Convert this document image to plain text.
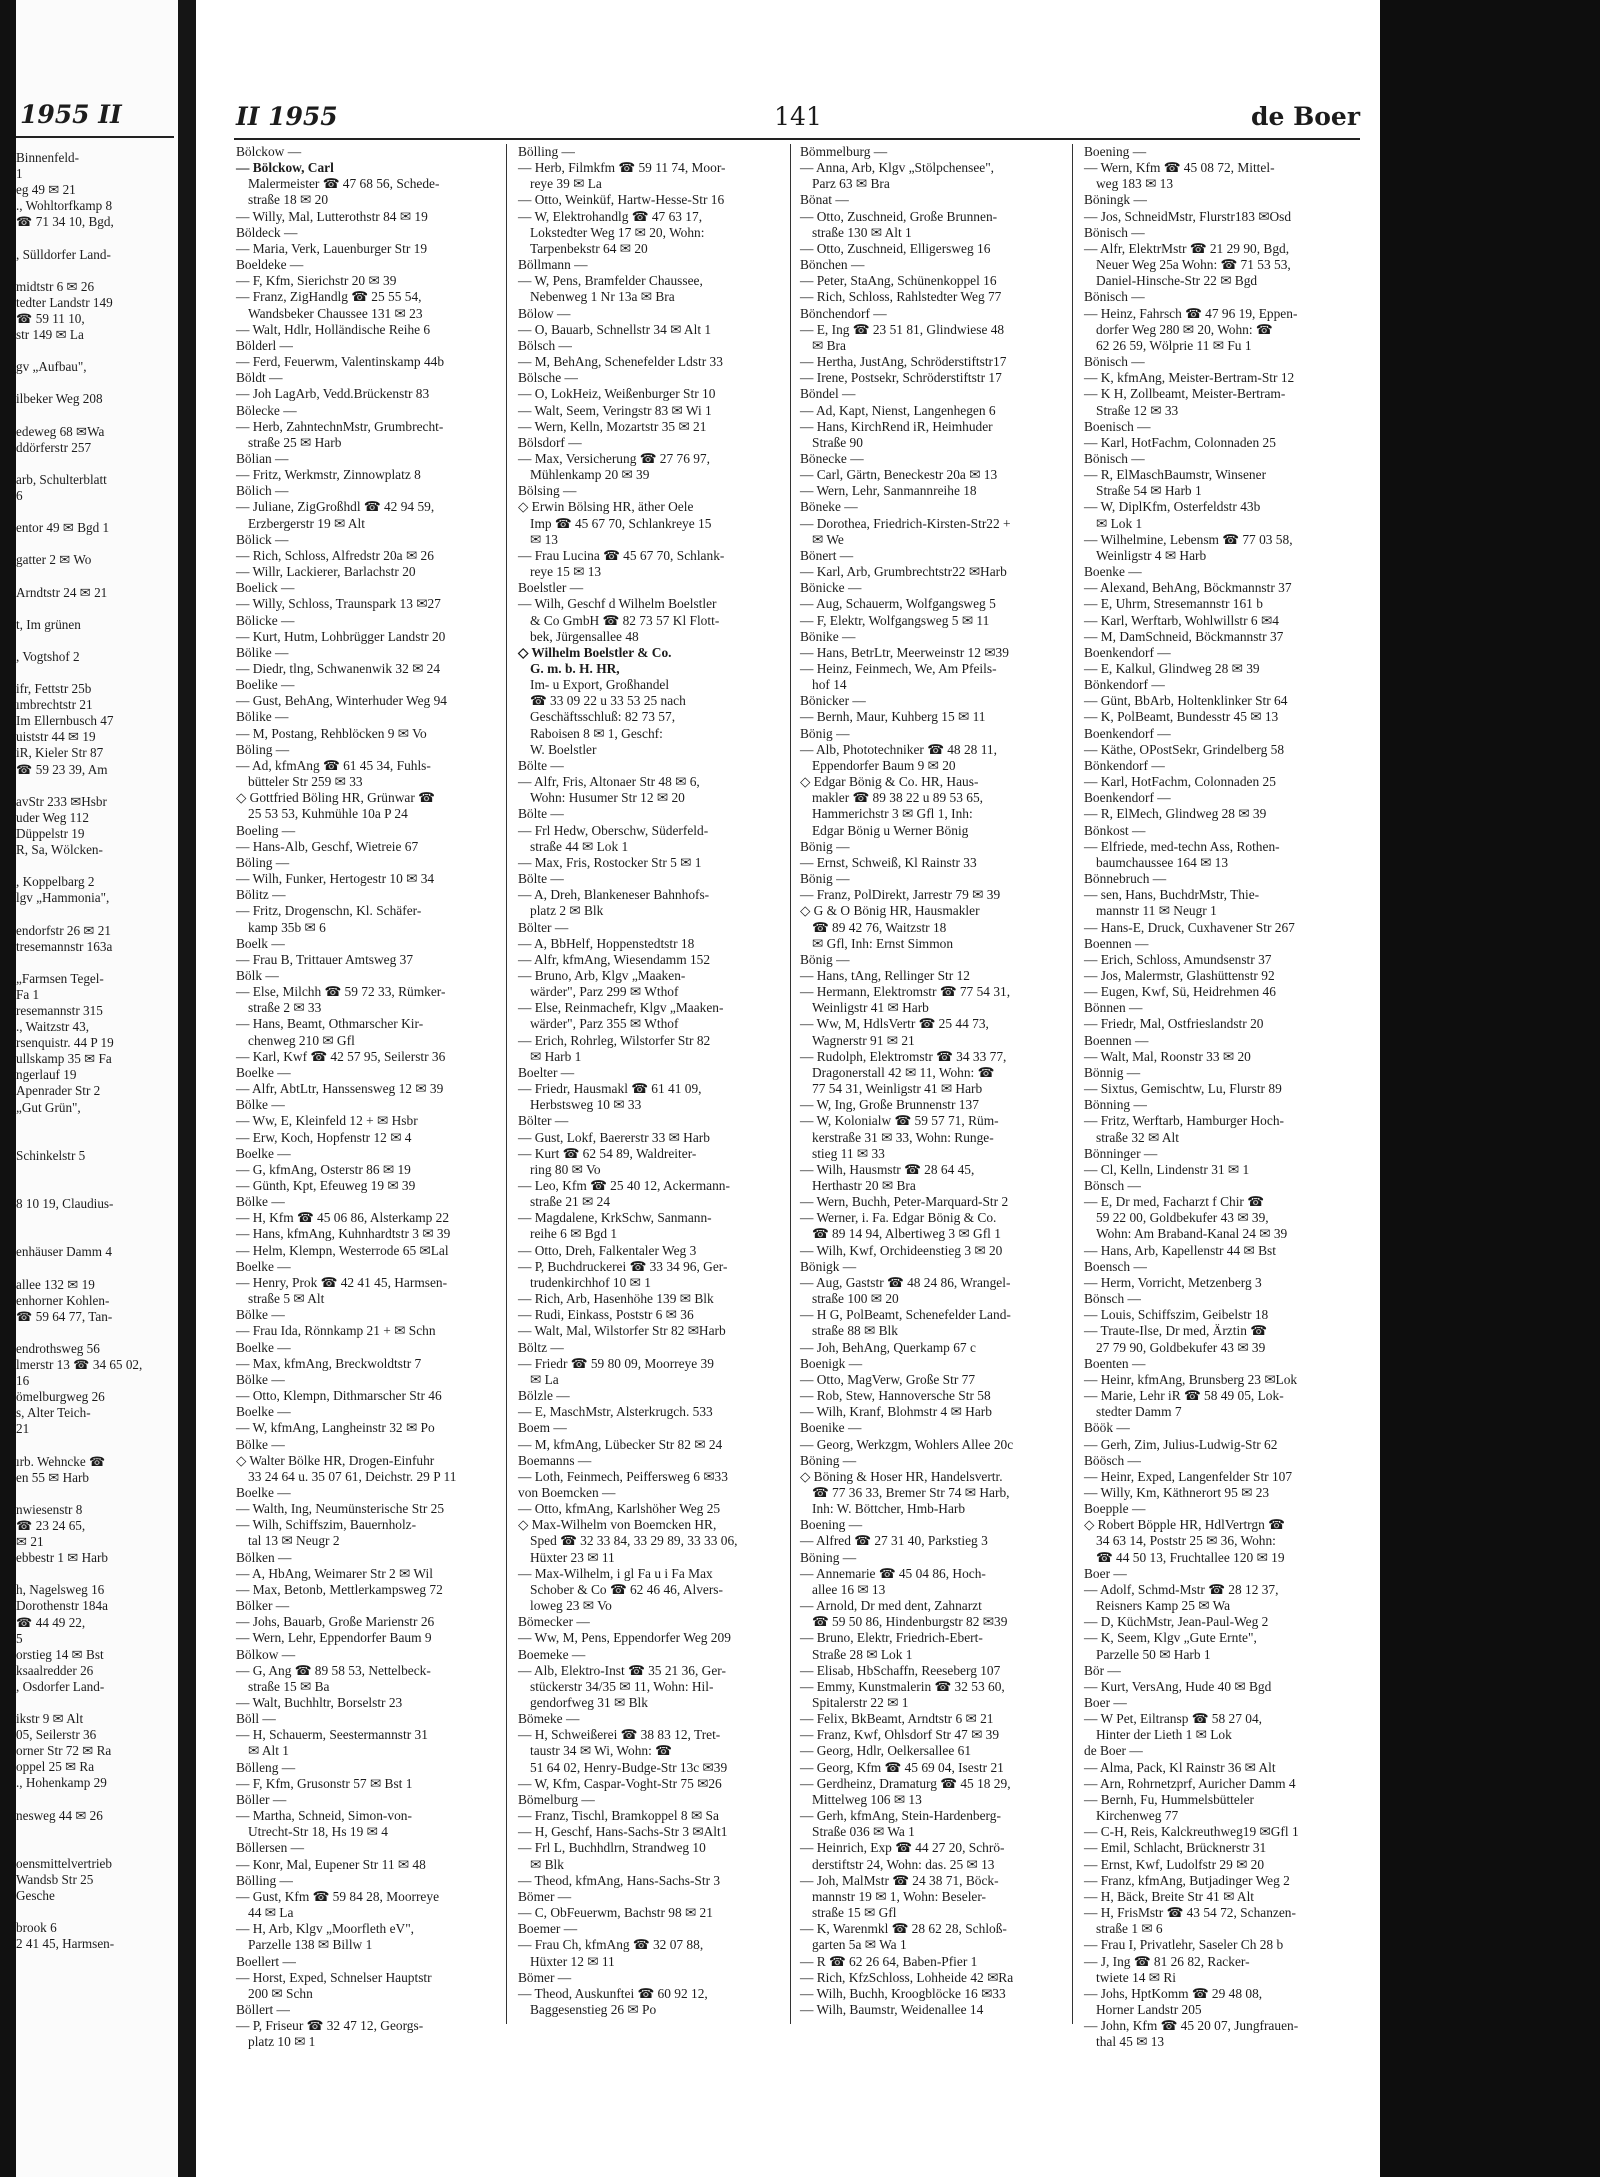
1955 II
Binnenfeld-
1
eg 49 ✉ 21
., Wohltorfkamp 8
☎ 71 34 10, Bgd,

, Sülldorfer Land-

midtstr 6 ✉ 26
tedter Landstr 149
☎ 59 11 10,
str 149 ✉ La

gv „Aufbau",

ilbeker Weg 208

edeweg 68 ✉Wa
ddörferstr 257

arb, Schulterblatt
6

entor 49 ✉ Bgd 1

gatter 2 ✉ Wo

Arndtstr 24 ✉ 21

t, Im grünen

, Vogtshof 2

ifr, Fettstr 25b
ımbrechtstr 21
Im Ellernbusch 47
uiststr 44 ✉ 19
iR, Kieler Str 87
☎ 59 23 39, Am

avStr 233 ✉Hsbr
uder Weg 112
Düppelstr 19
R, Sa, Wölcken-

, Koppelbarg 2
lgv „Hammonia",

endorfstr 26 ✉ 21
tresemannstr 163a

„Farmsen Tegel-
Fa 1
resemannstr 315
., Waitzstr 43,
rsenquistr. 44 P 19
ullskamp 35 ✉ Fa
ngerlauf 19
Apenrader Str 2
„Gut Grün",

Schinkelstr 5

8 10 19, Claudius-

enhäuser Damm 4

allee 132 ✉ 19
enhorner Kohlen-
☎ 59 64 77, Tan-

endrothsweg 56
lmerstr 13 ☎ 34 65 02,
16
ömelburgweg 26
s, Alter Teich-
21

ırb. Wehncke ☎
en 55 ✉ Harb

nwiesenstr 8
☎ 23 24 65,
✉ 21
ebbestr 1 ✉ Harb

h, Nagelsweg 16
Dorothenstr 184a
☎ 44 49 22,
5
orstieg 14 ✉ Bst
ksaalredder 26
, Osdorfer Land-

ikstr 9 ✉ Alt
05, Seilerstr 36
orner Str 72 ✉ Ra
oppel 25 ✉ Ra
., Hohenkamp 29

nesweg 44 ✉ 26

oensmittelvertrieb
Wandsb Str 25
Gesche

brook 6
2 41 45, Harmsen-
II 1955	141	de Boer
Bölckow —
— Bölckow, Carl
Malermeister ☎ 47 68 56, Schede-
straße 18 ✉ 20
— Willy, Mal, Lutterothstr 84 ✉ 19
Böldeck —
— Maria, Verk, Lauenburger Str 19
Boeldeke —
— F, Kfm, Sierichstr 20 ✉ 39
— Franz, ZigHandlg ☎ 25 55 54,
Wandsbeker Chaussee 131 ✉ 23
— Walt, Hdlr, Holländische Reihe 6
Bölderl —
— Ferd, Feuerwm, Valentinskamp 44b
Böldt —
— Joh LagArb, Vedd.Brückenstr 83
Bölecke —
— Herb, ZahntechnMstr, Grumbrecht-
straße 25 ✉ Harb
Bölian —
— Fritz, Werkmstr, Zinnowplatz 8
Bölich —
— Juliane, ZigGroßhdl ☎ 42 94 59,
Erzbergerstr 19 ✉ Alt
Bölick —
— Rich, Schloss, Alfredstr 20a ✉ 26
— Willr, Lackierer, Barlachstr 20
Boelick —
— Willy, Schloss, Traunspark 13 ✉27
Bölicke —
— Kurt, Hutm, Lohbrügger Landstr 20
Bölike —
— Diedr, tlng, Schwanenwik 32 ✉ 24
Boelike —
— Gust, BehAng, Winterhuder Weg 94
Bölike —
— M, Postang, Rehblöcken 9 ✉ Vo
Böling —
— Ad, kfmAng ☎ 61 45 34, Fuhls-
bütteler Str 259 ✉ 33
◇ Gottfried Böling HR, Grünwar ☎
25 53 53, Kuhmühle 10a P 24
Boeling —
— Hans-Alb, Geschf, Wietreie 67
Böling —
— Wilh, Funker, Hertogestr 10 ✉ 34
Bölitz —
— Fritz, Drogenschn, Kl. Schäfer-
kamp 35b ✉ 6
Boelk —
— Frau B, Trittauer Amtsweg 37
Bölk —
— Else, Milchh ☎ 59 72 33, Rümker-
straße 2 ✉ 33
— Hans, Beamt, Othmarscher Kir-
chenweg 210 ✉ Gfl
— Karl, Kwf ☎ 42 57 95, Seilerstr 36
Boelke —
— Alfr, AbtLtr, Hanssensweg 12 ✉ 39
Bölke —
— Ww, E, Kleinfeld 12 + ✉ Hsbr
— Erw, Koch, Hopfenstr 12 ✉ 4
Boelke —
— G, kfmAng, Osterstr 86 ✉ 19
— Günth, Kpt, Efeuweg 19 ✉ 39
Bölke —
— H, Kfm ☎ 45 06 86, Alsterkamp 22
— Hans, kfmAng, Kuhnhardtstr 3 ✉ 39
— Helm, Klempn, Westerrode 65 ✉Lal
Boelke —
— Henry, Prok ☎ 42 41 45, Harmsen-
straße 5 ✉ Alt
Bölke —
— Frau Ida, Rönnkamp 21 + ✉ Schn
Boelke —
— Max, kfmAng, Breckwoldtstr 7
Bölke —
— Otto, Klempn, Dithmarscher Str 46
Boelke —
— W, kfmAng, Langheinstr 32 ✉ Po
Bölke —
◇ Walter Bölke HR, Drogen-Einfuhr
33 24 64 u. 35 07 61, Deichstr. 29 P 11
Boelke —
— Walth, Ing, Neumünsterische Str 25
— Wilh, Schiffszim, Bauernholz-
tal 13 ✉ Neugr 2
Bölken —
— A, HbAng, Weimarer Str 2 ✉ Wil
— Max, Betonb, Mettlerkampsweg 72
Bölker —
— Johs, Bauarb, Große Marienstr 26
— Wern, Lehr, Eppendorfer Baum 9
Bölkow —
— G, Ang ☎ 89 58 53, Nettelbeck-
straße 15 ✉ Ba
— Walt, Buchhltr, Borselstr 23
Böll —
— H, Schauerm, Seestermannstr 31
✉ Alt 1
Bölleng —
— F, Kfm, Grusonstr 57 ✉ Bst 1
Böller —
— Martha, Schneid, Simon-von-
Utrecht-Str 18, Hs 19 ✉ 4
Böllersen —
— Konr, Mal, Eupener Str 11 ✉ 48
Bölling —
— Gust, Kfm ☎ 59 84 28, Moorreye
44 ✉ La
— H, Arb, Klgv „Moorfleth eV",
Parzelle 138 ✉ Billw 1
Boellert —
— Horst, Exped, Schnelser Hauptstr
200 ✉ Schn
Böllert —
— P, Friseur ☎ 32 47 12, Georgs-
platz 10 ✉ 1
Bölling —
— Herb, Filmkfm ☎ 59 11 74, Moor-
reye 39 ✉ La
— Otto, Weinküf, Hartw-Hesse-Str 16
— W, Elektrohandlg ☎ 47 63 17,
Lokstedter Weg 17 ✉ 20, Wohn:
Tarpenbekstr 64 ✉ 20
Böllmann —
— W, Pens, Bramfelder Chaussee,
Nebenweg 1 Nr 13a ✉ Bra
Bölow —
— O, Bauarb, Schnellstr 34 ✉ Alt 1
Bölsch —
— M, BehAng, Schenefelder Ldstr 33
Bölsche —
— O, LokHeiz, Weißenburger Str 10
— Walt, Seem, Veringstr 83 ✉ Wi 1
— Wern, Kelln, Mozartstr 35 ✉ 21
Bölsdorf —
— Max, Versicherung ☎ 27 76 97,
Mühlenkamp 20 ✉ 39
Bölsing —
◇ Erwin Bölsing HR, äther Oele
Imp ☎ 45 67 70, Schlankreye 15
✉ 13
— Frau Lucina ☎ 45 67 70, Schlank-
reye 15 ✉ 13
Boelstler —
— Wilh, Geschf d Wilhelm Boelstler
& Co GmbH ☎ 82 73 57 Kl Flott-
bek, Jürgensallee 48
◇ Wilhelm Boelstler & Co.
G. m. b. H. HR,
Im- u Export, Großhandel
☎ 33 09 22 u 33 53 25 nach
Geschäftsschluß: 82 73 57,
Raboisen 8 ✉ 1, Geschf:
W. Boelstler
Bölte —
— Alfr, Fris, Altonaer Str 48 ✉ 6,
Wohn: Husumer Str 12 ✉ 20
Bölte —
— Frl Hedw, Oberschw, Süderfeld-
straße 44 ✉ Lok 1
— Max, Fris, Rostocker Str 5 ✉ 1
Bölte —
— A, Dreh, Blankeneser Bahnhofs-
platz 2 ✉ Blk
Bölter —
— A, BbHelf, Hoppenstedtstr 18
— Alfr, kfmAng, Wiesendamm 152
— Bruno, Arb, Klgv „Maaken-
wärder", Parz 299 ✉ Wthof
— Else, Reinmachefr, Klgv „Maaken-
wärder", Parz 355 ✉ Wthof
— Erich, Rohrleg, Wilstorfer Str 82
✉ Harb 1
Boelter —
— Friedr, Hausmakl ☎ 61 41 09,
Herbstsweg 10 ✉ 33
Bölter —
— Gust, Lokf, Baererstr 33 ✉ Harb
— Kurt ☎ 62 54 89, Waldreiter-
ring 80 ✉ Vo
— Leo, Kfm ☎ 25 40 12, Ackermann-
straße 21 ✉ 24
— Magdalene, KrkSchw, Sanmann-
reihe 6 ✉ Bgd 1
— Otto, Dreh, Falkentaler Weg 3
— P, Buchdruckerei ☎ 33 34 96, Ger-
trudenkirchhof 10 ✉ 1
— Rich, Arb, Hasenhöhe 139 ✉ Blk
— Rudi, Einkass, Poststr 6 ✉ 36
— Walt, Mal, Wilstorfer Str 82 ✉Harb
Böltz —
— Friedr ☎ 59 80 09, Moorreye 39
✉ La
Bölzle —
— E, MaschMstr, Alsterkrugch. 533
Boem —
— M, kfmAng, Lübecker Str 82 ✉ 24
Boemanns —
— Loth, Feinmech, Peiffersweg 6 ✉33
von Boemcken —
— Otto, kfmAng, Karlshöher Weg 25
◇ Max-Wilhelm von Boemcken HR,
Sped ☎ 32 33 84, 33 29 89, 33 33 06,
Hüxter 23 ✉ 11
— Max-Wilhelm, i gl Fa u i Fa Max
Schober & Co ☎ 62 46 46, Alvers-
loweg 23 ✉ Vo
Bömecker —
— Ww, M, Pens, Eppendorfer Weg 209
Boemeke —
— Alb, Elektro-Inst ☎ 35 21 36, Ger-
stückerstr 34/35 ✉ 11, Wohn: Hil-
gendorfweg 31 ✉ Blk
Bömeke —
— H, Schweißerei ☎ 38 83 12, Tret-
taustr 34 ✉ Wi, Wohn: ☎
51 64 02, Henry-Budge-Str 13c ✉39
— W, Kfm, Caspar-Voght-Str 75 ✉26
Bömelburg —
— Franz, Tischl, Bramkoppel 8 ✉ Sa
— H, Geschf, Hans-Sachs-Str 3 ✉Alt1
— Frl L, Buchhdlrn, Strandweg 10
✉ Blk
— Theod, kfmAng, Hans-Sachs-Str 3
Bömer —
— C, ObFeuerwm, Bachstr 98 ✉ 21
Boemer —
— Frau Ch, kfmAng ☎ 32 07 88,
Hüxter 12 ✉ 11
Bömer —
— Theod, Auskunftei ☎ 60 92 12,
Baggesenstieg 26 ✉ Po
Bömmelburg —
— Anna, Arb, Klgv „Stölpchensee",
Parz 63 ✉ Bra
Bönat —
— Otto, Zuschneid, Große Brunnen-
straße 130 ✉ Alt 1
— Otto, Zuschneid, Elligersweg 16
Bönchen —
— Peter, StaAng, Schünenkoppel 16
— Rich, Schloss, Rahlstedter Weg 77
Bönchendorf —
— E, Ing ☎ 23 51 81, Glindwiese 48
✉ Bra
— Hertha, JustAng, Schröderstiftstr17
— Irene, Postsekr, Schröderstiftstr 17
Böndel —
— Ad, Kapt, Nienst, Langenhegen 6
— Hans, KirchRend iR, Heimhuder
Straße 90
Bönecke —
— Carl, Gärtn, Beneckestr 20a ✉ 13
— Wern, Lehr, Sanmannreihe 18
Böneke —
— Dorothea, Friedrich-Kirsten-Str22 +
✉ We
Bönert —
— Karl, Arb, Grumbrechtstr22 ✉Harb
Bönicke —
— Aug, Schauerm, Wolfgangsweg 5
— F, Elektr, Wolfgangsweg 5 ✉ 11
Bönike —
— Hans, BetrLtr, Meerweinstr 12 ✉39
— Heinz, Feinmech, We, Am Pfeils-
hof 14
Bönicker —
— Bernh, Maur, Kuhberg 15 ✉ 11
Bönig —
— Alb, Phototechniker ☎ 48 28 11,
Eppendorfer Baum 9 ✉ 20
◇ Edgar Bönig & Co. HR, Haus-
makler ☎ 89 38 22 u 89 53 65,
Hammerichstr 3 ✉ Gfl 1, Inh:
Edgar Bönig u Werner Bönig
Bönig —
— Ernst, Schweiß, Kl Rainstr 33
Bönig —
— Franz, PolDirekt, Jarrestr 79 ✉ 39
◇ G & O Bönig HR, Hausmakler
☎ 89 42 76, Waitzstr 18
✉ Gfl, Inh: Ernst Simmon
Bönig —
— Hans, tAng, Rellinger Str 12
— Hermann, Elektromstr ☎ 77 54 31,
Weinligstr 41 ✉ Harb
— Ww, M, HdlsVertr ☎ 25 44 73,
Wagnerstr 91 ✉ 21
— Rudolph, Elektromstr ☎ 34 33 77,
Dragonerstall 42 ✉ 11, Wohn: ☎
77 54 31, Weinligstr 41 ✉ Harb
— W, Ing, Große Brunnenstr 137
— W, Kolonialw ☎ 59 57 71, Rüm-
kerstraße 31 ✉ 33, Wohn: Runge-
stieg 11 ✉ 33
— Wilh, Hausmstr ☎ 28 64 45,
Herthastr 20 ✉ Bra
— Wern, Buchh, Peter-Marquard-Str 2
— Werner, i. Fa. Edgar Bönig & Co.
☎ 89 14 94, Albertiweg 3 ✉ Gfl 1
— Wilh, Kwf, Orchideenstieg 3 ✉ 20
Bönigk —
— Aug, Gaststr ☎ 48 24 86, Wrangel-
straße 100 ✉ 20
— H G, PolBeamt, Schenefelder Land-
straße 88 ✉ Blk
— Joh, BehAng, Querkamp 67 c
Boenigk —
— Otto, MagVerw, Große Str 77
— Rob, Stew, Hannoversche Str 58
— Wilh, Kranf, Blohmstr 4 ✉ Harb
Boenike —
— Georg, Werkzgm, Wohlers Allee 20c
Böning —
◇ Böning & Hoser HR, Handelsvertr.
☎ 77 36 33, Bremer Str 74 ✉ Harb,
Inh: W. Böttcher, Hmb-Harb
Boening —
— Alfred ☎ 27 31 40, Parkstieg 3
Böning —
— Annemarie ☎ 45 04 86, Hoch-
allee 16 ✉ 13
— Arnold, Dr med dent, Zahnarzt
☎ 59 50 86, Hindenburgstr 82 ✉39
— Bruno, Elektr, Friedrich-Ebert-
Straße 28 ✉ Lok 1
— Elisab, HbSchaffn, Reeseberg 107
— Emmy, Kunstmalerin ☎ 32 53 60,
Spitalerstr 22 ✉ 1
— Felix, BkBeamt, Arndtstr 6 ✉ 21
— Franz, Kwf, Ohlsdorf Str 47 ✉ 39
— Georg, Hdlr, Oelkersallee 61
— Georg, Kfm ☎ 45 69 04, Isestr 21
— Gerdheinz, Dramaturg ☎ 45 18 29,
Mittelweg 106 ✉ 13
— Gerh, kfmAng, Stein-Hardenberg-
Straße 036 ✉ Wa 1
— Heinrich, Exp ☎ 44 27 20, Schrö-
derstiftstr 24, Wohn: das. 25 ✉ 13
— Joh, MalMstr ☎ 24 38 71, Böck-
mannstr 19 ✉ 1, Wohn: Beseler-
straße 15 ✉ Gfl
— K, Warenmkl ☎ 28 62 28, Schloß-
garten 5a ✉ Wa 1
— R ☎ 62 26 64, Baben-Pfier 1
— Rich, KfzSchloss, Lohheide 42 ✉Ra
— Wilh, Buchh, Kroogblöcke 16 ✉33
— Wilh, Baumstr, Weidenallee 14
Boening —
— Wern, Kfm ☎ 45 08 72, Mittel-
weg 183 ✉ 13
Böningk —
— Jos, SchneidMstr, Flurstr183 ✉Osd
Bönisch —
— Alfr, ElektrMstr ☎ 21 29 90, Bgd,
Neuer Weg 25a Wohn: ☎ 71 53 53,
Daniel-Hinsche-Str 22 ✉ Bgd
Bönisch —
— Heinz, Fahrsch ☎ 47 96 19, Eppen-
dorfer Weg 280 ✉ 20, Wohn: ☎
62 26 59, Wölprie 11 ✉ Fu 1
Bönisch —
— K, kfmAng, Meister-Bertram-Str 12
— K H, Zollbeamt, Meister-Bertram-
Straße 12 ✉ 33
Boenisch —
— Karl, HotFachm, Colonnaden 25
Bönisch —
— R, ElMaschBaumstr, Winsener
Straße 54 ✉ Harb 1
— W, DiplKfm, Osterfeldstr 43b
✉ Lok 1
— Wilhelmine, Lebensm ☎ 77 03 58,
Weinligstr 4 ✉ Harb
Boenke —
— Alexand, BehAng, Böckmannstr 37
— E, Uhrm, Stresemannstr 161 b
— Karl, Werftarb, Wohlwillstr 6 ✉4
— M, DamSchneid, Böckmannstr 37
Boenkendorf —
— E, Kalkul, Glindweg 28 ✉ 39
Bönkendorf —
— Günt, BbArb, Holtenklinker Str 64
— K, PolBeamt, Bundesstr 45 ✉ 13
Boenkendorf —
— Käthe, OPostSekr, Grindelberg 58
Bönkendorf —
— Karl, HotFachm, Colonnaden 25
Boenkendorf —
— R, ElMech, Glindweg 28 ✉ 39
Bönkost —
— Elfriede, med-techn Ass, Rothen-
baumchaussee 164 ✉ 13
Bönnebruch —
— sen, Hans, BuchdrMstr, Thie-
mannstr 11 ✉ Neugr 1
— Hans-E, Druck, Cuxhavener Str 267
Boennen —
— Erich, Schloss, Amundsenstr 37
— Jos, Malermstr, Glashüttenstr 92
— Eugen, Kwf, Sü, Heidrehmen 46
Bönnen —
— Friedr, Mal, Ostfrieslandstr 20
Boennen —
— Walt, Mal, Roonstr 33 ✉ 20
Bönnig —
— Sixtus, Gemischtw, Lu, Flurstr 89
Bönning —
— Fritz, Werftarb, Hamburger Hoch-
straße 32 ✉ Alt
Bönninger —
— Cl, Kelln, Lindenstr 31 ✉ 1
Bönsch —
— E, Dr med, Facharzt f Chir ☎
59 22 00, Goldbekufer 43 ✉ 39,
Wohn: Am Braband-Kanal 24 ✉ 39
— Hans, Arb, Kapellenstr 44 ✉ Bst
Boensch —
— Herm, Vorricht, Metzenberg 3
Bönsch —
— Louis, Schiffszim, Geibelstr 18
— Traute-Ilse, Dr med, Ärztin ☎
27 79 90, Goldbekufer 43 ✉ 39
Boenten —
— Heinr, kfmAng, Brunsberg 23 ✉Lok
— Marie, Lehr iR ☎ 58 49 05, Lok-
stedter Damm 7
Böök —
— Gerh, Zim, Julius-Ludwig-Str 62
Böösch —
— Heinr, Exped, Langenfelder Str 107
— Willy, Km, Käthnerort 95 ✉ 23
Boepple —
◇ Robert Böpple HR, HdlVertrgn ☎
34 63 14, Poststr 25 ✉ 36, Wohn:
☎ 44 50 13, Fruchtallee 120 ✉ 19
Boer —
— Adolf, Schmd-Mstr ☎ 28 12 37,
Reisners Kamp 25 ✉ Wa
— D, KüchMstr, Jean-Paul-Weg 2
— K, Seem, Klgv „Gute Ernte",
Parzelle 50 ✉ Harb 1
Bör —
— Kurt, VersAng, Hude 40 ✉ Bgd
Boer —
— W Pet, Eiltransp ☎ 58 27 04,
Hinter der Lieth 1 ✉ Lok
de Boer —
— Alma, Pack, Kl Rainstr 36 ✉ Alt
— Arn, Rohrnetzprf, Auricher Damm 4
— Bernh, Fu, Hummelsbütteler
Kirchenweg 77
— C-H, Reis, Kalckreuthweg19 ✉Gfl 1
— Emil, Schlacht, Brücknerstr 31
— Ernst, Kwf, Ludolfstr 29 ✉ 20
— Franz, kfmAng, Butjadinger Weg 2
— H, Bäck, Breite Str 41 ✉ Alt
— H, FrisMstr ☎ 43 54 72, Schanzen-
straße 1 ✉ 6
— Frau I, Privatlehr, Saseler Ch 28 b
— J, Ing ☎ 81 26 82, Racker-
twiete 14 ✉ Ri
— Johs, HptKomm ☎ 29 48 08,
Horner Landstr 205
— John, Kfm ☎ 45 20 07, Jungfrauen-
thal 45 ✉ 13
